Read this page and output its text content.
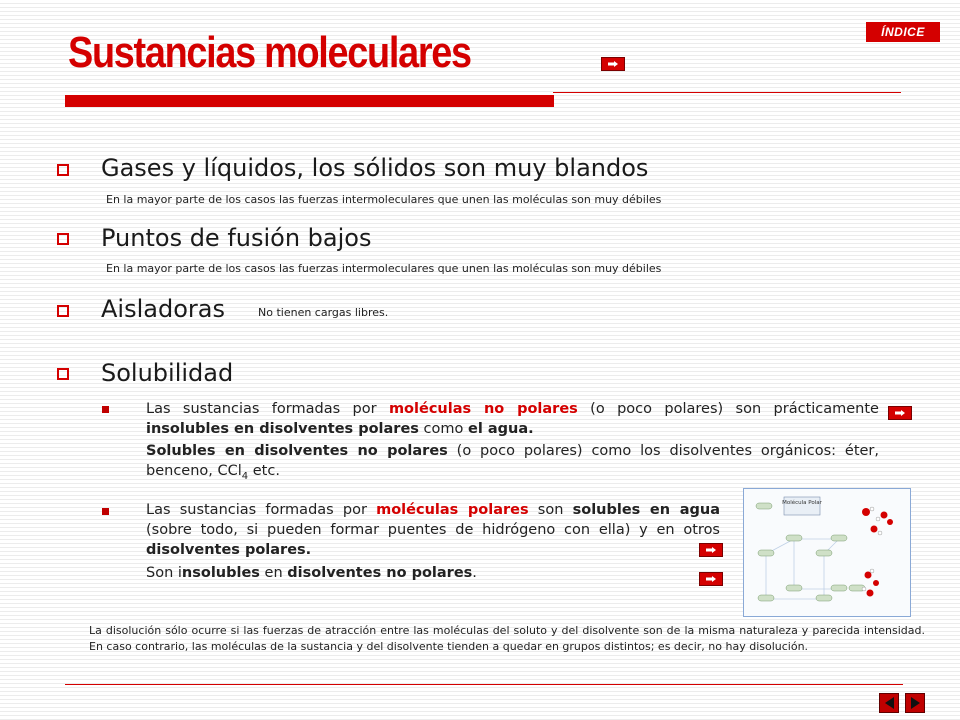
ÍNDICE
Sustancias moleculares
Gases y líquidos, los sólidos son muy blandos
En la mayor parte de los casos las fuerzas intermoleculares que unen las moléculas son muy débiles
Puntos de fusión bajos
En la mayor parte de los casos las fuerzas intermoleculares que unen las moléculas son muy débiles
Aisladoras	No tienen cargas libres.
Solubilidad
Las sustancias formadas por moléculas no polares (o poco polares) son prácticamente insolubles en disolventes polares como el agua.
Solubles en disolventes no polares (o poco polares) como los disolventes orgánicos: éter, benceno, CCl$_4$ etc.
Las sustancias formadas por moléculas polares son solubles en agua (sobre todo, si pueden formar puentes de hidrógeno con ella) y en otros disolventes polares.
Son insolubles en disolventes no polares.
Molécula Polar
La disolución sólo ocurre si las fuerzas de atracción entre las moléculas del soluto y del disolvente son de la misma naturaleza y parecida intensidad. En caso contrario, las moléculas de la sustancia y del disolvente tienden a quedar en grupos distintos; es decir, no hay disolución.
